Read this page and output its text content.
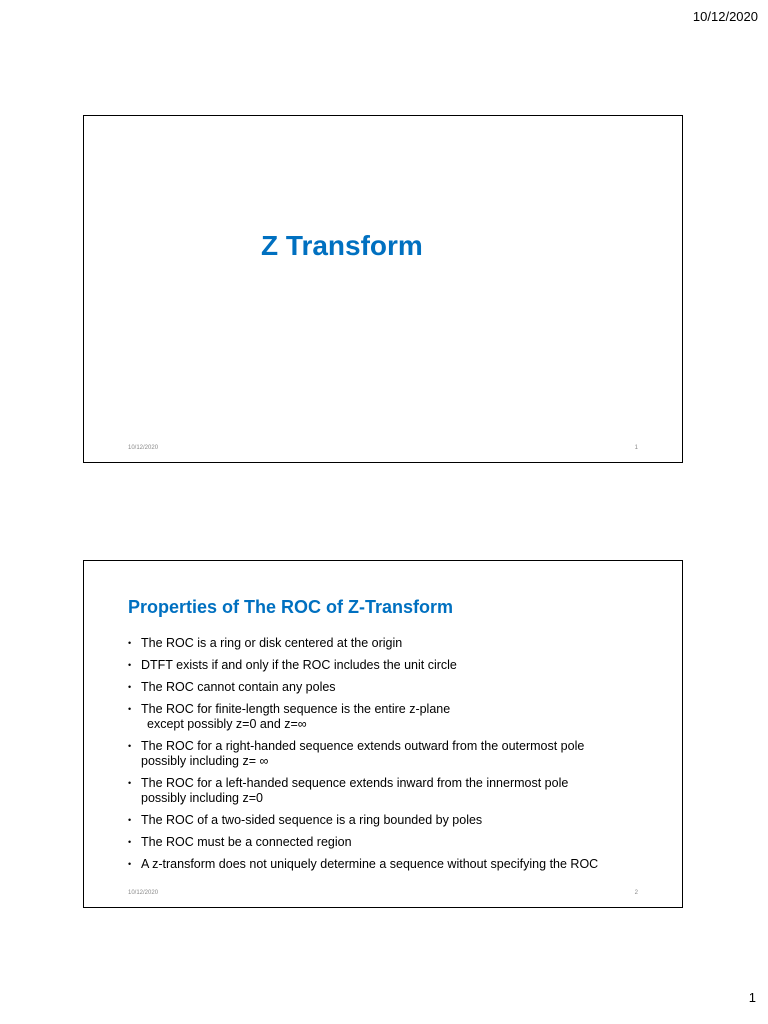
10/12/2020
Z Transform
10/12/2020	1
Properties of The ROC of Z-Transform
• The ROC is a ring or disk centered at the origin
• DTFT exists if and only if the ROC includes the unit circle
• The ROC cannot contain any poles
• The ROC for finite-length sequence is the entire z-plane
except possibly z=0 and z=∞
• The ROC for a right-handed sequence extends outward from the outermost pole
possibly including z= ∞
• The ROC for a left-handed sequence extends inward from the innermost pole
possibly including z=0
• The ROC of a two-sided sequence is a ring bounded by poles
• The ROC must be a connected region
• A z-transform does not uniquely determine a sequence without specifying the ROC
10/12/2020	2
1
